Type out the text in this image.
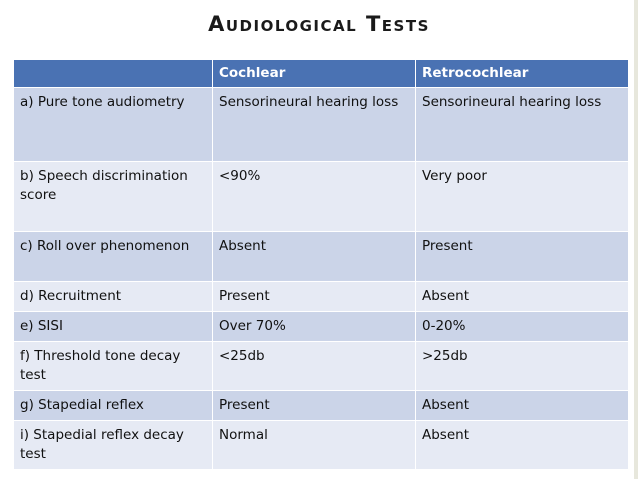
Audiological Tests
	Cochlear	Retrocochlear
a) Pure tone audiometry	Sensorineural hearing loss	Sensorineural hearing loss
b) Speech discrimination score	<90%	Very poor
c) Roll over phenomenon	Absent	Present
d) Recruitment	Present	Absent
e) SISI	Over 70%	0-20%
f) Threshold tone decay test	<25db	>25db
g) Stapedial reflex	Present	Absent
i) Stapedial reflex decay test	Normal	Absent
